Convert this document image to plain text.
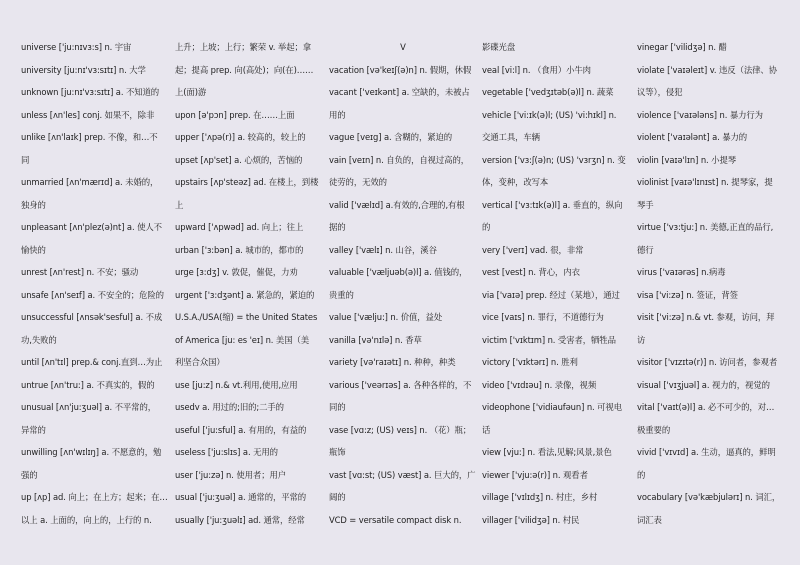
universe ['ju:nɪvɜ:s] n. 宇宙
university [ju:nɪ'vɜ:sɪtɪ] n. 大学
unknown [ju:nɪ'vɜ:sɪtɪ] a. 不知道的
unless [ʌn'les] conj. 如果不，除非
unlike [ʌn'laɪk] prep. 不像，和…不
同
unmarried [ʌn'mærɪd] a. 未婚的，
独身的
unpleasant [ʌn'plez(ə)nt] a. 使人不
愉快的
unrest [ʌn'rest] n. 不安；骚动
unsafe [ʌn'seɪf] a. 不安全的；危险的
unsuccessful [ʌnsək'sesful] a. 不成
功,失败的
until [ʌn'tɪl] prep.& conj.直到…为止
untrue [ʌn'tru:] a. 不真实的，假的
unusual [ʌn'ju:ʒuəl] a. 不平常的，
异常的
unwilling [ʌn'wɪlɪŋ] a. 不愿意的，勉
强的
up [ʌp] ad. 向上；在上方；起来；在…
以上 a. 上面的，向上的，上行的 n.
上升；上坡；上行；繁荣 v. 举起；拿
起；提高 prep. 向(高处)；向(在)……
上(面)游
upon [ə'pɔn] prep. 在……上面
upper ['ʌpə(r)] a. 较高的，较上的
upset [ʌp'set] a. 心烦的，苦恼的
upstairs [ʌp'steəz] ad. 在楼上，到楼
上
upward ['ʌpwəd] ad. 向上；往上
urban ['ɜ:bən] a. 城市的，都市的
urge [ɜ:dʒ] v. 敦促，催促，力劝
urgent ['ɜ:dʒənt] a. 紧急的，紧迫的
U.S.A./USA(缩) = the United States
of America [ju: es 'eɪ] n. 美国（美
利坚合众国）
use [ju:z] n.& vt.利用,使用,应用
usedv a. 用过的;旧的;二手的
useful ['ju:sful] a. 有用的，有益的
useless ['ju:slɪs] a. 无用的
user ['ju:zə] n. 使用者；用户
usual ['ju:ʒuəl] a. 通常的，平常的
usually ['ju:ʒuəlɪ] ad. 通常，经常
V
vacation [və'keɪʃ(ə)n] n. 假期，休假
vacant ['veɪkənt] a. 空缺的，未被占
用的
vague [veɪg] a. 含糊的，紧迫的
vain [veɪn] n. 自负的，自视过高的，
徒劳的，无效的
valid ['vælɪd] a.有效的,合理的,有根
据的
valley ['vælɪ] n. 山谷，溪谷
valuable ['væljuəb(ə)l] a. 值钱的，
贵重的
value ['vælju:] n. 价值，益处
vanilla [və'nɪlə] n. 香草
variety [və'raɪətɪ] n. 种种，种类
various ['veərɪəs] a. 各种各样的，不
同的
vase [vɑ:z; (US) veɪs] n. （花）瓶；
瓶饰
vast [vɑ:st; (US) væst] a. 巨大的，广
阔的
VCD = versatile compact disk n.
影碟光盘
veal [vi:l] n. （食用）小牛肉
vegetable ['vedʒɪtəb(ə)l] n. 蔬菜
vehicle ['vi:ɪk(ə)l; (US) 'vi:hɪkl] n.
交通工具，车辆
version ['vɜ:ʃ(ə)n; (US) 'vɜrʒn] n. 变
体，变种，改写本
vertical ['vɜ:tɪk(ə)l] a. 垂直的，纵向
的
very ['verɪ] vad. 很，非常
vest [vest] n. 背心，内衣
via ['vaɪə] prep. 经过（某地），通过
vice [vaɪs] n. 罪行，不道德行为
victim ['vɪktɪm] n. 受害者，牺牲品
victory ['vɪktərɪ] n. 胜利
video ['vɪdɪəu] n. 录像，视频
videophone ['vidiaufəun] n. 可视电
话
view [vju:] n. 看法,见解;风景,景色
viewer ['vju:ə(r)] n. 观看者
village ['vɪlɪdʒ] n. 村庄，乡村
villager ['vilidʒə] n. 村民
vinegar ['vilidʒə] n. 醋
violate ['vaɪəleɪt] v. 违反（法律、协
议等），侵犯
violence ['vaɪələns] n. 暴力行为
violent ['vaɪələnt] a. 暴力的
violin [vaɪə'lɪn] n. 小提琴
violinist [vaɪə'lɪnɪst] n. 提琴家，提
琴手
virtue ['vɜ:tju:] n. 美德,正直的品行,
德行
virus ['vaɪərəs] n.病毒
visa ['vi:zə] n. 签证，背签
visit ['vi:zə] n.& vt. 参观，访问，拜
访
visitor ['vɪzɪtə(r)] n. 访问者，参观者
visual ['vɪʒjuəl] a. 视力的，视觉的
vital ['vaɪt(ə)l] a. 必不可少的，对…
极重要的
vivid ['vɪvɪd] a. 生动，逼真的，鲜明
的
vocabulary [və'kæbjulərɪ] n. 词汇，
词汇表
